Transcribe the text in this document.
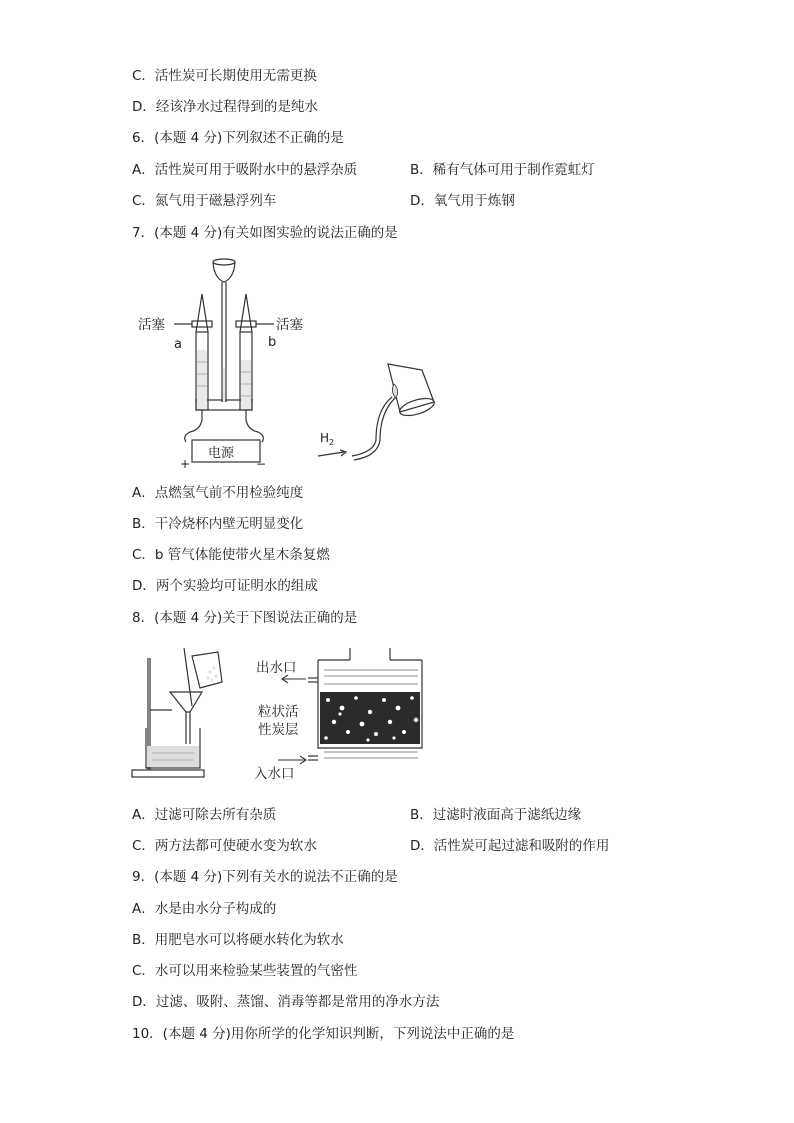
C．活性炭可长期使用无需更换
D．经该净水过程得到的是纯水
6．(本题 4 分)下列叙述不正确的是
A．活性炭可用于吸附水中的悬浮杂质	B．稀有气体可用于制作霓虹灯
C．氮气用于磁悬浮列车	D．氧气用于炼钢
7．(本题 4 分)有关如图实验的说法正确的是
活塞	活塞
a	b
电源
+	−
$H_2$
A．点燃氢气前不用检验纯度
B．干冷烧杯内壁无明显变化
C．b 管气体能使带火星木条复燃
D．两个实验均可证明水的组成
8．(本题 4 分)关于下图说法正确的是
出水口
粒状活
性炭层
入水口
A．过滤可除去所有杂质	B．过滤时液面高于滤纸边缘
C．两方法都可使硬水变为软水	D．活性炭可起过滤和吸附的作用
9．(本题 4 分)下列有关水的说法不正确的是
A．水是由水分子构成的
B．用肥皂水可以将硬水转化为软水
C．水可以用来检验某些装置的气密性
D．过滤、吸附、蒸馏、消毒等都是常用的净水方法
10．(本题 4 分)用你所学的化学知识判断，下列说法中正确的是
